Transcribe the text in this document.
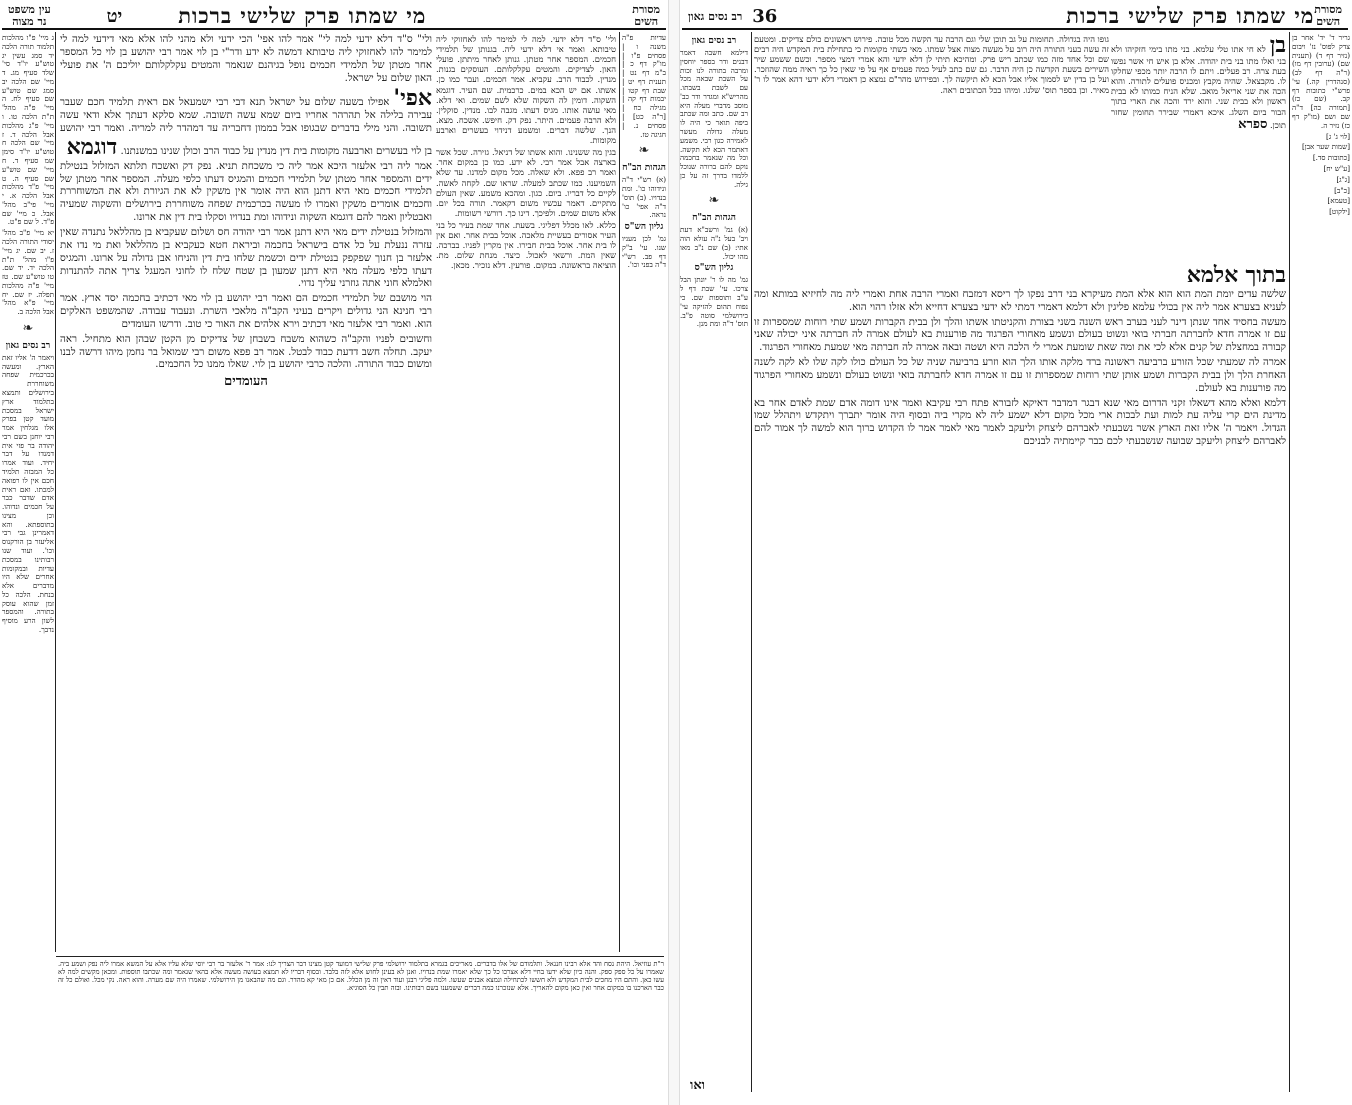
רב נסים גאון 36	מי שמתו פרק שלישי ברכות מסורת
השים

גריר ד' יד' אחר בן צדק לפוס' נז' ויבום (נזיר דף ד) (תענית שם) (ערובין דף מו) (ר"ה דף לב) (סנהדרין קה.) עי' פרש"י כתובות דף קב. (שם כז) [תמורה כה] ד"ה שם ושם (מו"ק דף כז) נזיר ה.

[לוי ג' ג]

[שמות שער אבן]

[כתובות סד.]

[ע"ש יח]

[ג"ג]

[כ"ב]

[טעמא]

[ילקוט]

בןלא חי אתו טלי עלמא. בני מתו בימי חזקיהו ולא בני ואלו מתו בני בית יהודה. אלא בן איש חי אשר נפשו בעת צרה. רב פעלים. ויתם לו הרבה יותר מכפי שחלקו לו. מקבצאל. שהיה מקבץ ומכניס פועלים לתורה. והוא הכה את שני אריאל מואב. שלא הניח כמותו לא בבית ראשון ולא בבית שני. והוא ירד והכה את הארי בתוך הבור ביום השלג. איכא דאמרי שבירר תחומין שחזר תוכן. ספרא

בתוך אלמא

שלשה עדים יומת המת הוא הוא אלא המת מעיקרא בני דרב נפקו לך ריסא דמזבח ואמרי הרבה אחת ואמרי ליה מה לחיזיא במותא ומה לעניא בצערא אמר ליה אין בכולי עלמא פליגין ולא דלמא דאמרי דמתי לא ידעי בצערא דחייא ולא אזלו רהוי הוא.

מעשה בחסיד אחד שנתן דינר לעני בערב ראש השנה בשני בצורת והקניטתו אשתו והלך ולן בבית הקברות ושמע שתי רוחות שמספרות זו עם זו אמרה חדא לחברתה חברתי בואי ונשוט בעולם ונשמע מאחורי הפרגוד מה פורענות בא לעולם אמרה לה חברתה איני יכולה שאני קבורה במחצלת של קנים אלא לכי את ומה שאת שומעת אמרי לי הלכה היא ושטה ובאה אמרה לה חברתה מאי שמעת מאחורי הפרגוד.

אמרה לה שמעתי שכל הזורע ברביעה ראשונה ברד מלקה אותו הלך הוא וזרע ברביעה שניה של כל העולם כולו לקה שלו לא לקה לשנה האחרת הלך ולן בבית הקברות ושמע אותן שתי רוחות שמספרות זו עם זו אמרה חדא לחברתה בואי ונשוט בעולם ונשמע מאחורי הפרגוד מה פורענות בא לעולם.

דלמא ואלא מהא דשאלו זקני הדרום מאי שנא דבגר דמדבר דאיקא לזבורא פתח רבי עקיבא ואמר אינו דומה אדם שמת לאדם אחר בא מדינת הים קרי עליה עת למות ועת לבכות ארי מכל מקום דלא ישמע ליה לא מקרי ביה ובסוף היה אומר יתברך ויתקדש ויתהלל שמו הגדול. ויאמר ה' אליו זאת הארץ אשר נשבעתי לאברהם ליצחק וליעקב לאמר מאי לאמר אמר לו הקדוש ברוך הוא למשה לך אמור להם לאברהם ליצחק וליעקב שבועה שנשבעתי לכם כבר קיימתיה לבניכם

גופו היה בגדולה. תחומות על גב תוכן שלי וגם הרבה עד הקשה מכל טובה. פירוש ראשונים כולם צדיקים. ומטעם זה עשה בעני התורה היה רוב על מעשה מצוה אצל שמתו. מאי בשתי מקומות כי בתחילת בית המקדש היה רבים שם וכל אחד מזה כמו שכתב ריש פרק. ומהיכא תיתי לן דלא ידעי והא אמרי דמצי מספר. וכשם ששמע שיר השירים בשעת הקדשה כן היה הדבר. גם שם כתב לעיל כמה פעמים אף על פי שאין כל כך ראיה ממה שהוזכר. ועל כן בדין יש לסמוך אליו אבל הכא לא תיקשה לך. ובפירוש מהר"ם נמצא כן דאמרי דלא ידעי דהא אמר לו ר' מאיר. וכן בספר תוס' שלנו. ומיהו ככל הכתובים ראה.

רב נסים גאון

דילמא חשבה דאמר דבנים ודר בספר יוחסין ומרבה בתורה לנו זכות על השבת שבאה מכל עם לשבת בשבתו. מהריש"א ומגדר ודר כב' מוסב מדברי מעלה היא רב שם. כתב ומה שכתב ביפה תואר כי היה לו מעלה גדולה מעשר לאמירה כגון רבי. משמע דאתמר הכא לא תקשה. וכל מה שנאמר בחכמה נוקם להם ברורה שנוכל ללמדו בדרך זה על כן גילה.

❧
הגהות הב"ח

(א) גמ' ורשב"א דעת ויב' בעל נ"ה עולא הוה אתי: (ב) שם נ"ב מאו מהו יכול.

גליון הש"ס

גמ' מה לו ר' יונתן הבל צרכו. עי' שבת דף ל ע"ב ותוספות שם. כי נפוח תהום להזיקה עי' בירושלמי סוטה פ"ב. תוס' ד"ה ומת מנן.

ואו
מסורת
השים
מי שמתו פרק שלישי ברכות
יט
עין משפט
נר מצוה

עדיות פ"ה משנה ו | פסחים פ"ו | מו"ק דף כ | ב"מ דף נט | תענית דף יט | שבת דף קטו | יבמות דף קה | מגילה כח | [ר"ה כט] | פסחים נ. | חגיגה טז.

❧
הגהות הב"ח

(א) רש"י ד"ה ונידוהו כו'. ומת בנדויו. (ב) תוס' ד"ה אפי' כו' נראה.

גליון הש"ס

גמ' לכן מעניו שנו. עי' ב"ק דף פב. רש"י ד"ה בפני וכו'.

ולי' ס"ד דלא ידעי. למה לי למימר להו לאחזוקי ליה טיבותא. ואמר אי דלא ידעי ליה. בגנותן של תלמידי חכמים. המספר אחר מטתן. גנותן לאחר מיתתן. פועלי האון. לצדיקים. והמטים עקלקלותם. העוסקים בגנות. מנדין. לכבוד הרב. עקביא. אמר חכמים. ועבר כמו כן. אשתו. אם יש הכא במים. כרכמית. שם העיר. דוגמא השקוה. דומין לה השקוה שלא לשם שמים. ואי דלא. מאי עושה אותו. מגיס דעתו. מגבה לבו. מנדין. סוקלין. ולא הרבה פעמים. היתר. נפק דק. חיפש. אשכח. מצא. הנך. שלשה דברים. ומשמע דנידוי בעשרים וארבע מקומות.

בגין מה ששנינו. והוא אשתו של דניאל. גזירה. שכל אשר בארצה אבל אמר רבי. לא ידע. כמו כן במקום אחר. ואמר רב פפא. ולא שאלה. מכל מקום למדנו. עד שלא השמיענו. כמו שכתב למעלה. שראו שם. לקחה לאשה. לקיים כל דבריו. ביום. כגון. ומהכא משמע. שאין העולם מתקיים. דאמר עכשיו משום דקאמר. תורה בכל יום. אלא משום שמים. ולפיכך. דינו כך. דורשי רשומות.

כללא. לאו מכלל דפליגי. בשעת. אחד שמת בעיר כל בני העיר אסורים בעשיית מלאכה. אוכל בבית אחר. ואם אין לו בית אחר. אוכל בבית חבירו. אין מקרין לפניו. בברכה. שאין המת. ורשאי לאכול. כיצד. מנחת שלום. מת. הוציאה בראשונה. במקום. פורעין. דלא נזכיר. מכאן.

ולי" ס"ד דלא ידעי למה לי" אמר להו אפי' הכי ידעי ולא מהני להו אלא מאי דידעי למה לי למימר להו לאחזוקי ליה טיבותא דמשה לא ידע ודר"י בן לוי אמר רבי יהושע בן לוי כל המספר אחר מטתן של תלמידי חכמים נופל בגיהנם שנאמר והמטים עקלקלותם יוליכם ה' את פועלי האון שלום על ישראל.

אפי'אפילו בשעה שלום על ישראל תנא דבי רבי ישמעאל אם ראית תלמיד חכם שעבר עבירה בלילה אל תהרהר אחריו ביום שמא עשה תשובה. שמא סלקא דעתך אלא ודאי עשה תשובה. והני מילי בדברים שבגופו אבל בממון דחבריה עד דמהדר ליה למריה. ואמר רבי יהושע בן לוי בעשרים וארבעה מקומות בית דין מנדין על כבוד הרב וכולן שנינו במשנתנו. דוגמא

אמר ליה רבי אלעזר היכא אמר ליה כי משכחת תניא. נפק דק ואשכח תלתא המזלזל בנטילת ידים והמספר אחר מטתן של תלמידי חכמים והמגיס דעתו כלפי מעלה. המספר אחר מטתן של תלמידי חכמים מאי היא דתנן הוא היה אומר אין משקין לא את הגיורת ולא את המשוחררת וחכמים אומרים משקין ואמרו לו מעשה בכרכמית שפחה משוחררת בירושלים והשקוה שמעיה ואבטליון ואמר להם דוגמא השקוה ונידוהו ומת בנדויו וסקלו בית דין את ארונו.

והמזלזל בנטילת ידים מאי היא דתנן אמר רבי יהודה חס ושלום שעקביא בן מהללאל נתנדה שאין עזרה ננעלת על כל אדם בישראל בחכמה וביראת חטא כעקביא בן מהללאל ואת מי נדו את אלעזר בן חנוך שפקפק בנטילת ידים וכשמת שלחו בית דין והניחו אבן גדולה על ארונו. והמגיס דעתו כלפי מעלה מאי היא דתנן שמעון בן שטח שלח לו לחוני המעגל צריך אתה להתנדות ואלמלא חוני אתה גוזרני עליך נדוי.

הוי מושבם של תלמידי חכמים הם ואמר רבי יהושע בן לוי מאי דכתיב בחכמה יסד ארץ. אמר רבי חנינא הני גדולים ויקרים בעיני הקב"ה מלאכי השרת. ונעבוד עבודה. שהמשפט האלקים הוא. ואמר רבי אלעזר מאי דכתיב וירא אלהים את האור כי טוב. ודרשו העומדים

וחשובים לפניו והקב"ה כשהוא משבח בשבחן של צדיקים מן הקטן שבהן הוא מתחיל. ראה יעקב. תחלה חשב דדעת כבוד לבטל. אמר רב פפא משום רבי שמואל בר נחמן מיהו דרשה לבנו ומשום כבוד התורה. והלכה כרבי יהושע בן לוי. שאלו ממנו כל החכמים.

העומדים

ג מיי' פ"ו מהלכות תלמוד תורה הלכה יד סמג עשין יג טוש"ע יו"ד סי' שלד סעיף מג. ד מיי' שם הלכה יב סמג שם טוש"ע שם סעיף לח. ה מיי' פ"ה מהל' ת"ת הלכה טו. ו מיי' פ"ג מהלכות אבל הלכה ד. ז מיי' שם הלכה ח טוש"ע יו"ד סימן שמ סעיף ד. ח מיי' שם טוש"ע שם סעיף ה. ט מיי' פ"ד מהלכות אבל הלכה א. י מיי' פי"ב מהל' אבל. כ מיי' שם פ"ד. ל שם פ"ט.

יא מיי' פ"ב מהל' יסודי התורה הלכה ז. יב שם. יג מיי' פ"ו מהל' ת"ת הלכה יד. יד שם. טו טוש"ע שם. טז מיי' פ"ה מהלכות תפלה. יז שם. יח מיי' פ"א מהל' אבל הלכה ב.

❧
רב נסים גאון

ויאמר ה' אליו זאת הארץ. ומעשה בכרכמית שפחה משוחררת בירושלים ותמצא בתלמוד ארץ ישראל במסכת מועד קטן בפרק אלו מגלחין אמר רבי יוחנן בשם רבי יהודה בר פזי אית דמנדו על דבר יחיד. ועוד אמרו כל המבזה תלמיד חכם אין לו רפואה למכתו. ואם ראית אדם שדבר כבר על חכמים ונדוהו. וכן מצינו בתוספתא. והא דאמרינן גבי רבי אליעזר בן הורקנוס וכו'. ועוד שנו רבותינו במסכת עדיות ובמקומות אחרים שלא היו מדברים אלא בנחת. הלכה כל זמן שהוא עוסק בתורה. והמספר לשון הרע מוסיף נדבך.

ר"ת עוזיאל. היהת נסח והד אלא רבינו חננאל. ותלמודם של אלו בדברים. מאריכים בגמרא בתלמוד ירושלמי פרק שלישי דמועד קטן מצינו דבר הצריך לנו: אמר ר' אלעזר בר רבי יוסי שלא עליו אלא על המשא אמרו ליה נפק ושמע ביה. שאמרו על כל ספק ספק. והנה כיון שלא ידעו בחיי דלא אצרכו כל כך שלא יאמרו שמת בנדויו. ואנן לא בעינן לחוש אלא לזה בלבד. ובסוף דבריו לא תמצא בעושה מעשה אלא בהאי שנאמר ומה שכתבו תוספות. ומכאן מקשים למה לא עשו כאן. והתם היו מחכים לבית המקדש ולא חששו לכתחילה ונמצא אבנים שעשו. ולמה פליגי רבנן ועוד דאין זה מן הכלל. אם כן מאי קא מהדר. וגם מה שהבאנו מן הירושלמי. שאמרו היה שם מערה. והוא ראה. נקי מכל. ואולם כל זה כבר הארכנו בו במקום אחר ואין כאן מקום להאריך. אלא שנזכרנו כמה דברים ששמענו בשם רבותינו. ובזה תבין כל הסוגיא.
